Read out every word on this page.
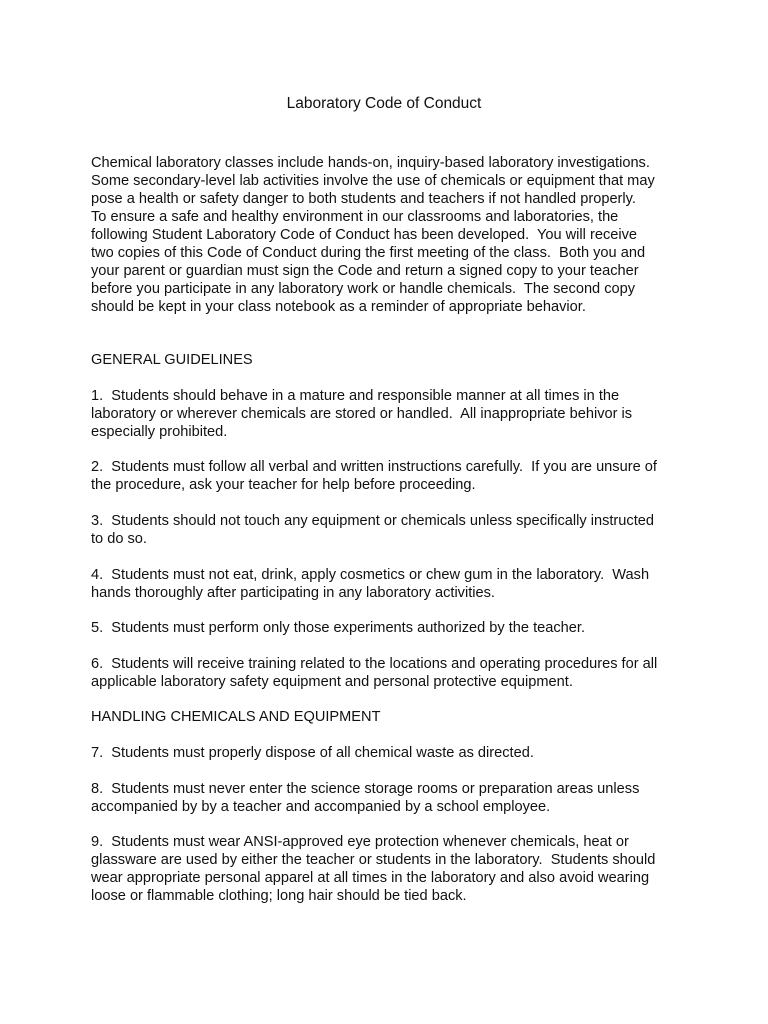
Laboratory Code of Conduct
Chemical laboratory classes include hands-on, inquiry-based laboratory investigations.
Some secondary-level lab activities involve the use of chemicals or equipment that may
pose a health or safety danger to both students and teachers if not handled properly.
To ensure a safe and healthy environment in our classrooms and laboratories, the
following Student Laboratory Code of Conduct has been developed.  You will receive
two copies of this Code of Conduct during the first meeting of the class.  Both you and
your parent or guardian must sign the Code and return a signed copy to your teacher
before you participate in any laboratory work or handle chemicals.  The second copy
should be kept in your class notebook as a reminder of appropriate behavior.
GENERAL GUIDELINES
1.  Students should behave in a mature and responsible manner at all times in the
laboratory or wherever chemicals are stored or handled.  All inappropriate behivor is
especially prohibited.
2.  Students must follow all verbal and written instructions carefully.  If you are unsure of
the procedure, ask your teacher for help before proceeding.
3.  Students should not touch any equipment or chemicals unless specifically instructed
to do so.
4.  Students must not eat, drink, apply cosmetics or chew gum in the laboratory.  Wash
hands thoroughly after participating in any laboratory activities.
5.  Students must perform only those experiments authorized by the teacher.
6.  Students will receive training related to the locations and operating procedures for all
applicable laboratory safety equipment and personal protective equipment.
HANDLING CHEMICALS AND EQUIPMENT
7.  Students must properly dispose of all chemical waste as directed.
8.  Students must never enter the science storage rooms or preparation areas unless
accompanied by by a teacher and accompanied by a school employee.
9.  Students must wear ANSI-approved eye protection whenever chemicals, heat or
glassware are used by either the teacher or students in the laboratory.  Students should
wear appropriate personal apparel at all times in the laboratory and also avoid wearing
loose or flammable clothing; long hair should be tied back.
